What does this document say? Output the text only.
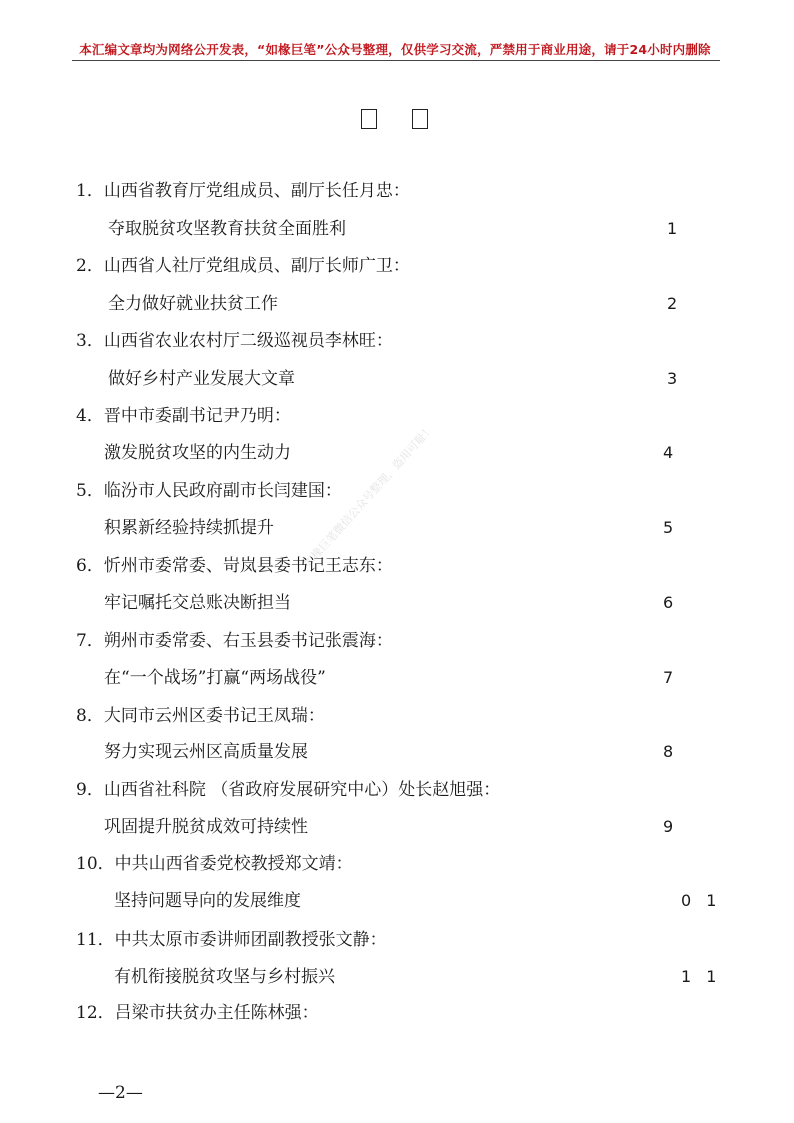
本汇编文章均为网络公开发表，“如椽巨笔”公众号整理，仅供学习交流，严禁用于商业用途，请于24小时内删除
如椽巨笔微信公众号整理，盗用可耻！
1．山西省教育厅党组成员、副厅长任月忠：
夺取脱贫攻坚教育扶贫全面胜利	1
2．山西省人社厅党组成员、副厅长师广卫：
全力做好就业扶贫工作	2
3．山西省农业农村厅二级巡视员李林旺：
做好乡村产业发展大文章	3
4．晋中市委副书记尹乃明：
激发脱贫攻坚的内生动力	4
5．临汾市人民政府副市长闫建国：
积累新经验持续抓提升	5
6．忻州市委常委、岢岚县委书记王志东：
牢记嘱托交总账决断担当	6
7．朔州市委常委、右玉县委书记张震海：
在“一个战场”打赢“两场战役”	7
8．大同市云州区委书记王凤瑞：
努力实现云州区高质量发展	8
9．山西省社科院 （省政府发展研究中心）处长赵旭强：
巩固提升脱贫成效可持续性	9
10．中共山西省委党校教授郑文靖：
坚持问题导向的发展维度	0 1
11．中共太原市委讲师团副教授张文静：
有机衔接脱贫攻坚与乡村振兴	1 1
12．吕梁市扶贫办主任陈林强：
—2—
